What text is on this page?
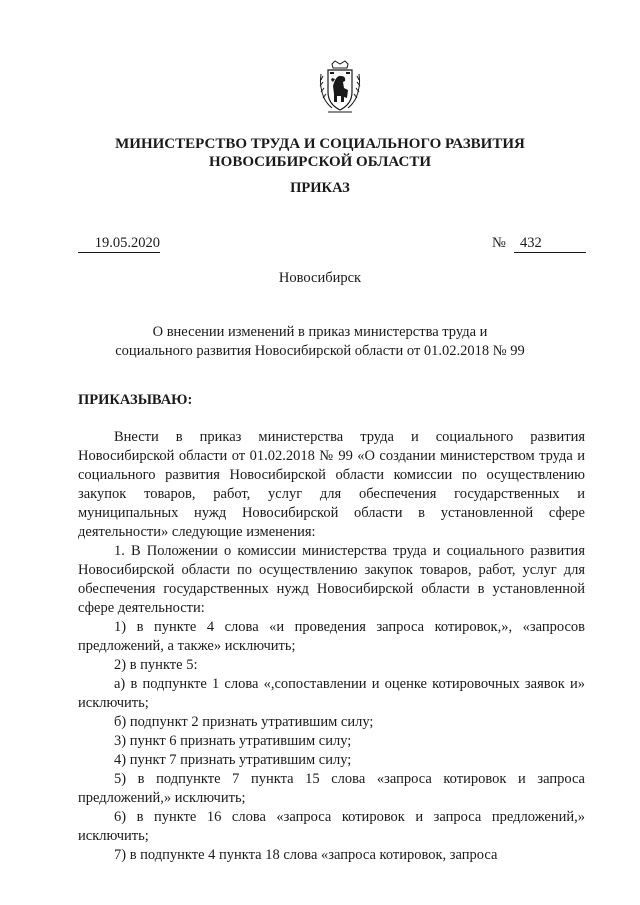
МИНИСТЕРСТВО ТРУДА И СОЦИАЛЬНОГО РАЗВИТИЯ
НОВОСИБИРСКОЙ ОБЛАСТИ
ПРИКАЗ
19.05.2020	№ 432
Новосибирск
О внесении изменений в приказ министерства труда и
социального развития Новосибирской области от 01.02.2018 № 99
ПРИКАЗЫВАЮ:

Внести в приказ министерства труда и социального развития Новосибирской области от 01.02.2018 № 99 «О создании министерством труда и социального развития Новосибирской области комиссии по осуществлению закупок товаров, работ, услуг для обеспечения государственных и муниципальных нужд Новосибирской области в установленной сфере деятельности» следующие изменения:

1. В Положении о комиссии министерства труда и социального развития Новосибирской области по осуществлению закупок товаров, работ, услуг для обеспечения государственных нужд Новосибирской области в установленной сфере деятельности:

1) в пункте 4 слова «и проведения запроса котировок,», «запросов предложений, а также» исключить;

2) в пункте 5:

а) в подпункте 1 слова «,сопоставлении и оценке котировочных заявок и» исключить;

б) подпункт 2 признать утратившим силу;

3) пункт 6 признать утратившим силу;

4) пункт 7 признать утратившим силу;

5) в подпункте 7 пункта 15 слова «запроса котировок и запроса предложений,» исключить;

6) в пункте 16 слова «запроса котировок и запроса предложений,» исключить;

7) в подпункте 4 пункта 18 слова «запроса котировок, запроса
